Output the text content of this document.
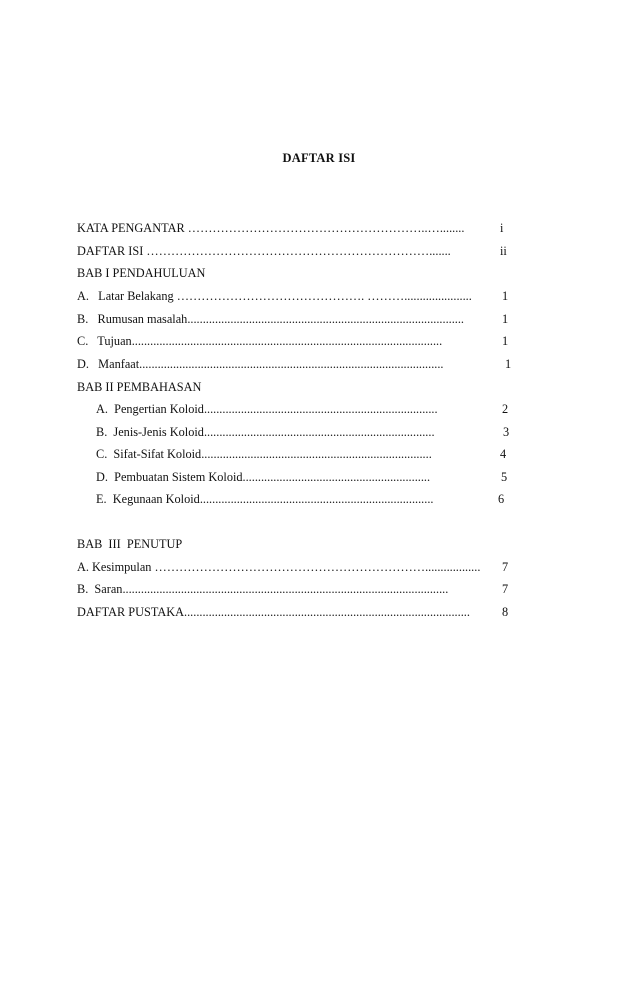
DAFTAR ISI
KATA PENGANTAR …………………………………………………..…........	i
DAFTAR ISI …………………………………………………………….......	ii
BAB I PENDAHULUAN
A.   Latar Belakang ………………………………………. ………......................	1
B.   Rumusan masalah..........................................................................................	1
C.   Tujuan.....................................................................................................	1
D.   Manfaat...................................................................................................	1
BAB II PEMBAHASAN
A.  Pengertian Koloid............................................................................	2
B.  Jenis-Jenis Koloid...........................................................................	3
C.  Sifat-Sifat Koloid...........................................................................	4
D.  Pembuatan Sistem Koloid.............................................................	5
E.  Kegunaan Koloid............................................................................	6
BAB  III  PENUTUP
A. Kesimpulan …………………………………………………………..................	7
B.  Saran..........................................................................................................	7
DAFTAR PUSTAKA.............................................................................................	8
